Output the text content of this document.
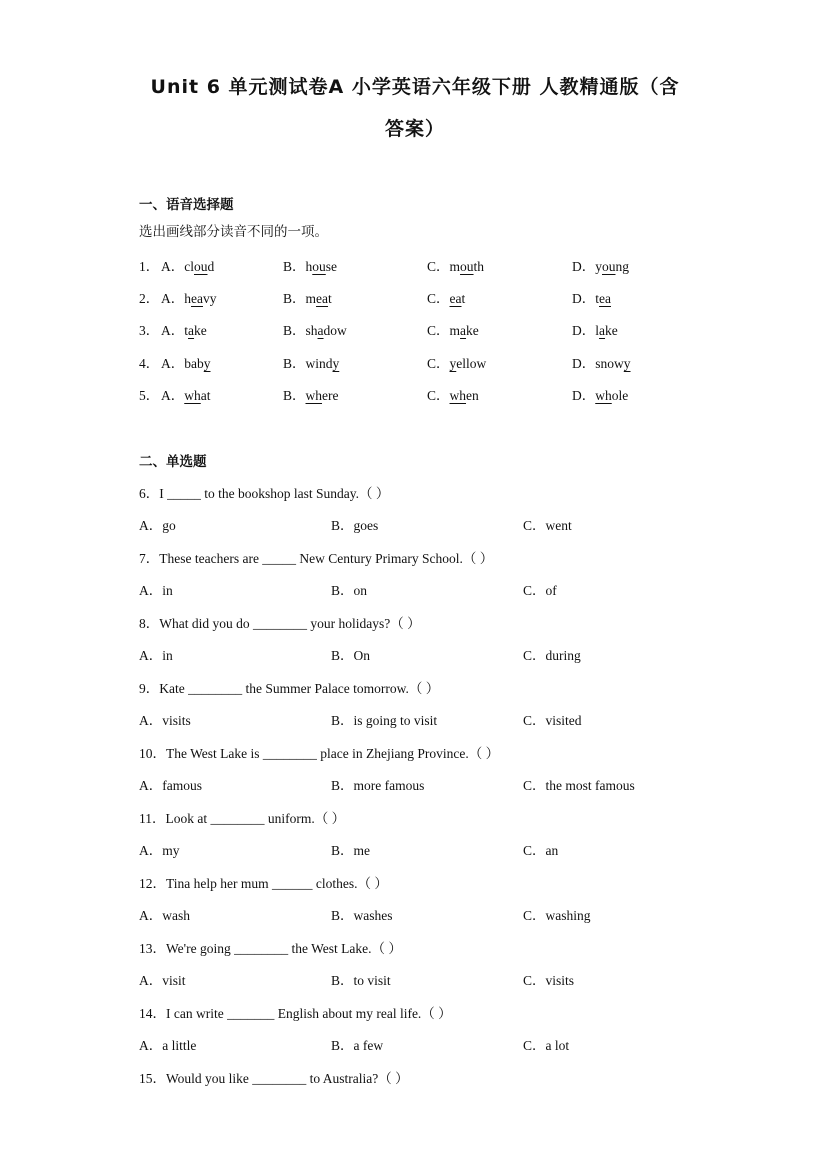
Unit 6 单元测试卷A 小学英语六年级下册 人教精通版（含
答案）
一、语音选择题
选出画线部分读音不同的一项。
1． A．cloud	B．house	C．mouth	D．young
2． A．heavy	B．meat	C．eat	D．tea
3． A．take	B．shadow	C．make	D．lake
4． A．baby	B．windy	C．yellow	D．snowy
5． A．what	B．where	C．when	D．whole
二、单选题
6．I _____ to the bookshop last Sunday.（ ）
A．go	B．goes	C．went
7．These teachers are _____ New Century Primary School.（ ）
A．in	B．on	C．of
8．What did you do ________ your holidays?（ ）
A．in	B．On	C．during
9．Kate ________ the Summer Palace tomorrow.（ ）
A．visits	B．is going to visit	C．visited
10．The West Lake is ________ place in Zhejiang Province.（ ）
A．famous	B．more famous	C．the most famous
11．Look at ________ uniform.（ ）
A．my	B．me	C．an
12．Tina help her mum ______ clothes.（ ）
A．wash	B．washes	C．washing
13．We're going ________ the West Lake.（ ）
A．visit	B．to visit	C．visits
14．I can write _______ English about my real life.（ ）
A．a little	B．a few	C．a lot
15．Would you like ________ to Australia?（ ）
